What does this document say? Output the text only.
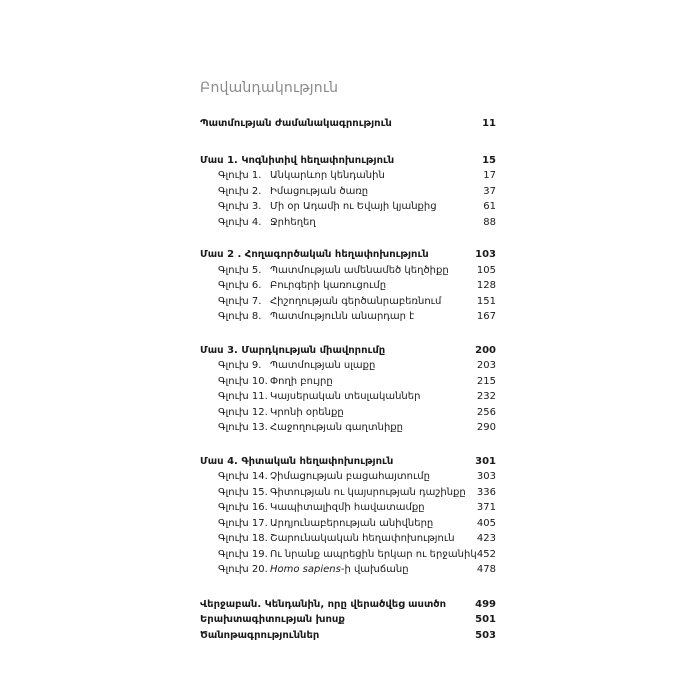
Բովանդակություն
Պատմության ժամանակագրություն	11
Մաս 1. Կոգնիտիվ հեղափոխություն	15
Գլուխ 1. Անկարևոր կենդանին	17
Գլուխ 2. Իմացության ծառը	37
Գլուխ 3. Մի օր Ադամի ու Եվայի կյանքից	61
Գլուխ 4. Ջրհեղեղ	88
Մաս 2 . Հողագործական հեղափոխություն	103
Գլուխ 5. Պատմության ամենամեծ կեղծիքը	105
Գլուխ 6. Բուրգերի կառուցումը	128
Գլուխ 7. Հիշողության գերծանրաբեռնում	151
Գլուխ 8. Պատմությունն անարդար է	167
Մաս 3. Մարդկության միավորումը	200
Գլուխ 9. Պատմության սլաքը	203
Գլուխ 10. Փողի բույրը	215
Գլուխ 11. Կայսերական տեսլականներ	232
Գլուխ 12. Կրոնի օրենքը	256
Գլուխ 13. Հաջողության գաղտնիքը	290
Մաս 4. Գիտական հեղափոխություն	301
Գլուխ 14. Չիմացության բացահայտումը	303
Գլուխ 15. Գիտության ու կայսրության դաշինքը 336
Գլուխ 16. Կապիտալիզմի հավատամքը	371
Գլուխ 17. Արդյունաբերության անիվները	405
Գլուխ 18. Շարունակական հեղափոխություն 423
Գլուխ 19. Ու նրանք ապրեցին երկար ու երջանիկ 452
Գլուխ 20. Homo sapiens-ի վախճանը	478
Վերջաբան. Կենդանին, որը վերածվեց աստծո	499
Երախտագիտության խոսք	501
Ծանոթագրություններ	503
